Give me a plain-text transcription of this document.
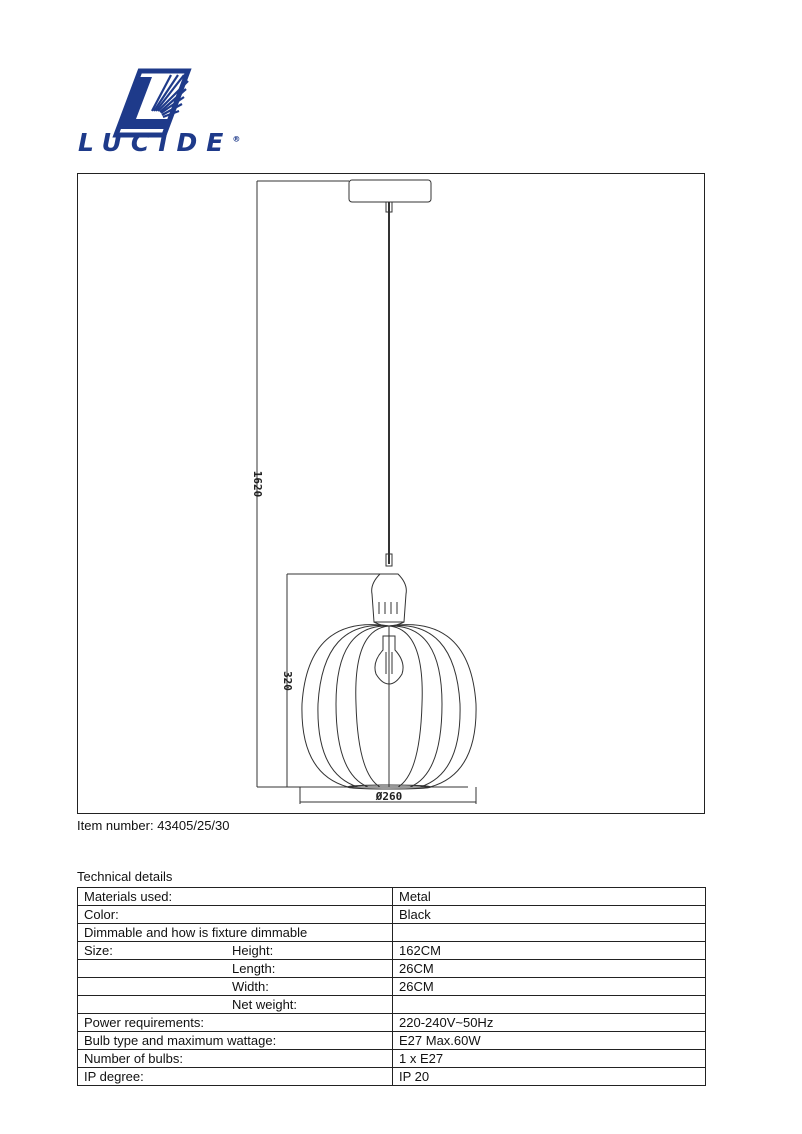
LUCIDE®
1620
320
Ø260
Item number: 43405/25/30
Technical details
Materials used:	Metal
Color:	Black
Dimmable and how is fixture dimmable	
Size: Height:	162CM
Length:	26CM
Width:	26CM
Net weight:	
Power requirements:	220-240V~50Hz
Bulb type and maximum wattage:	E27 Max.60W
Number of bulbs:	1 x E27
IP degree:	IP 20
